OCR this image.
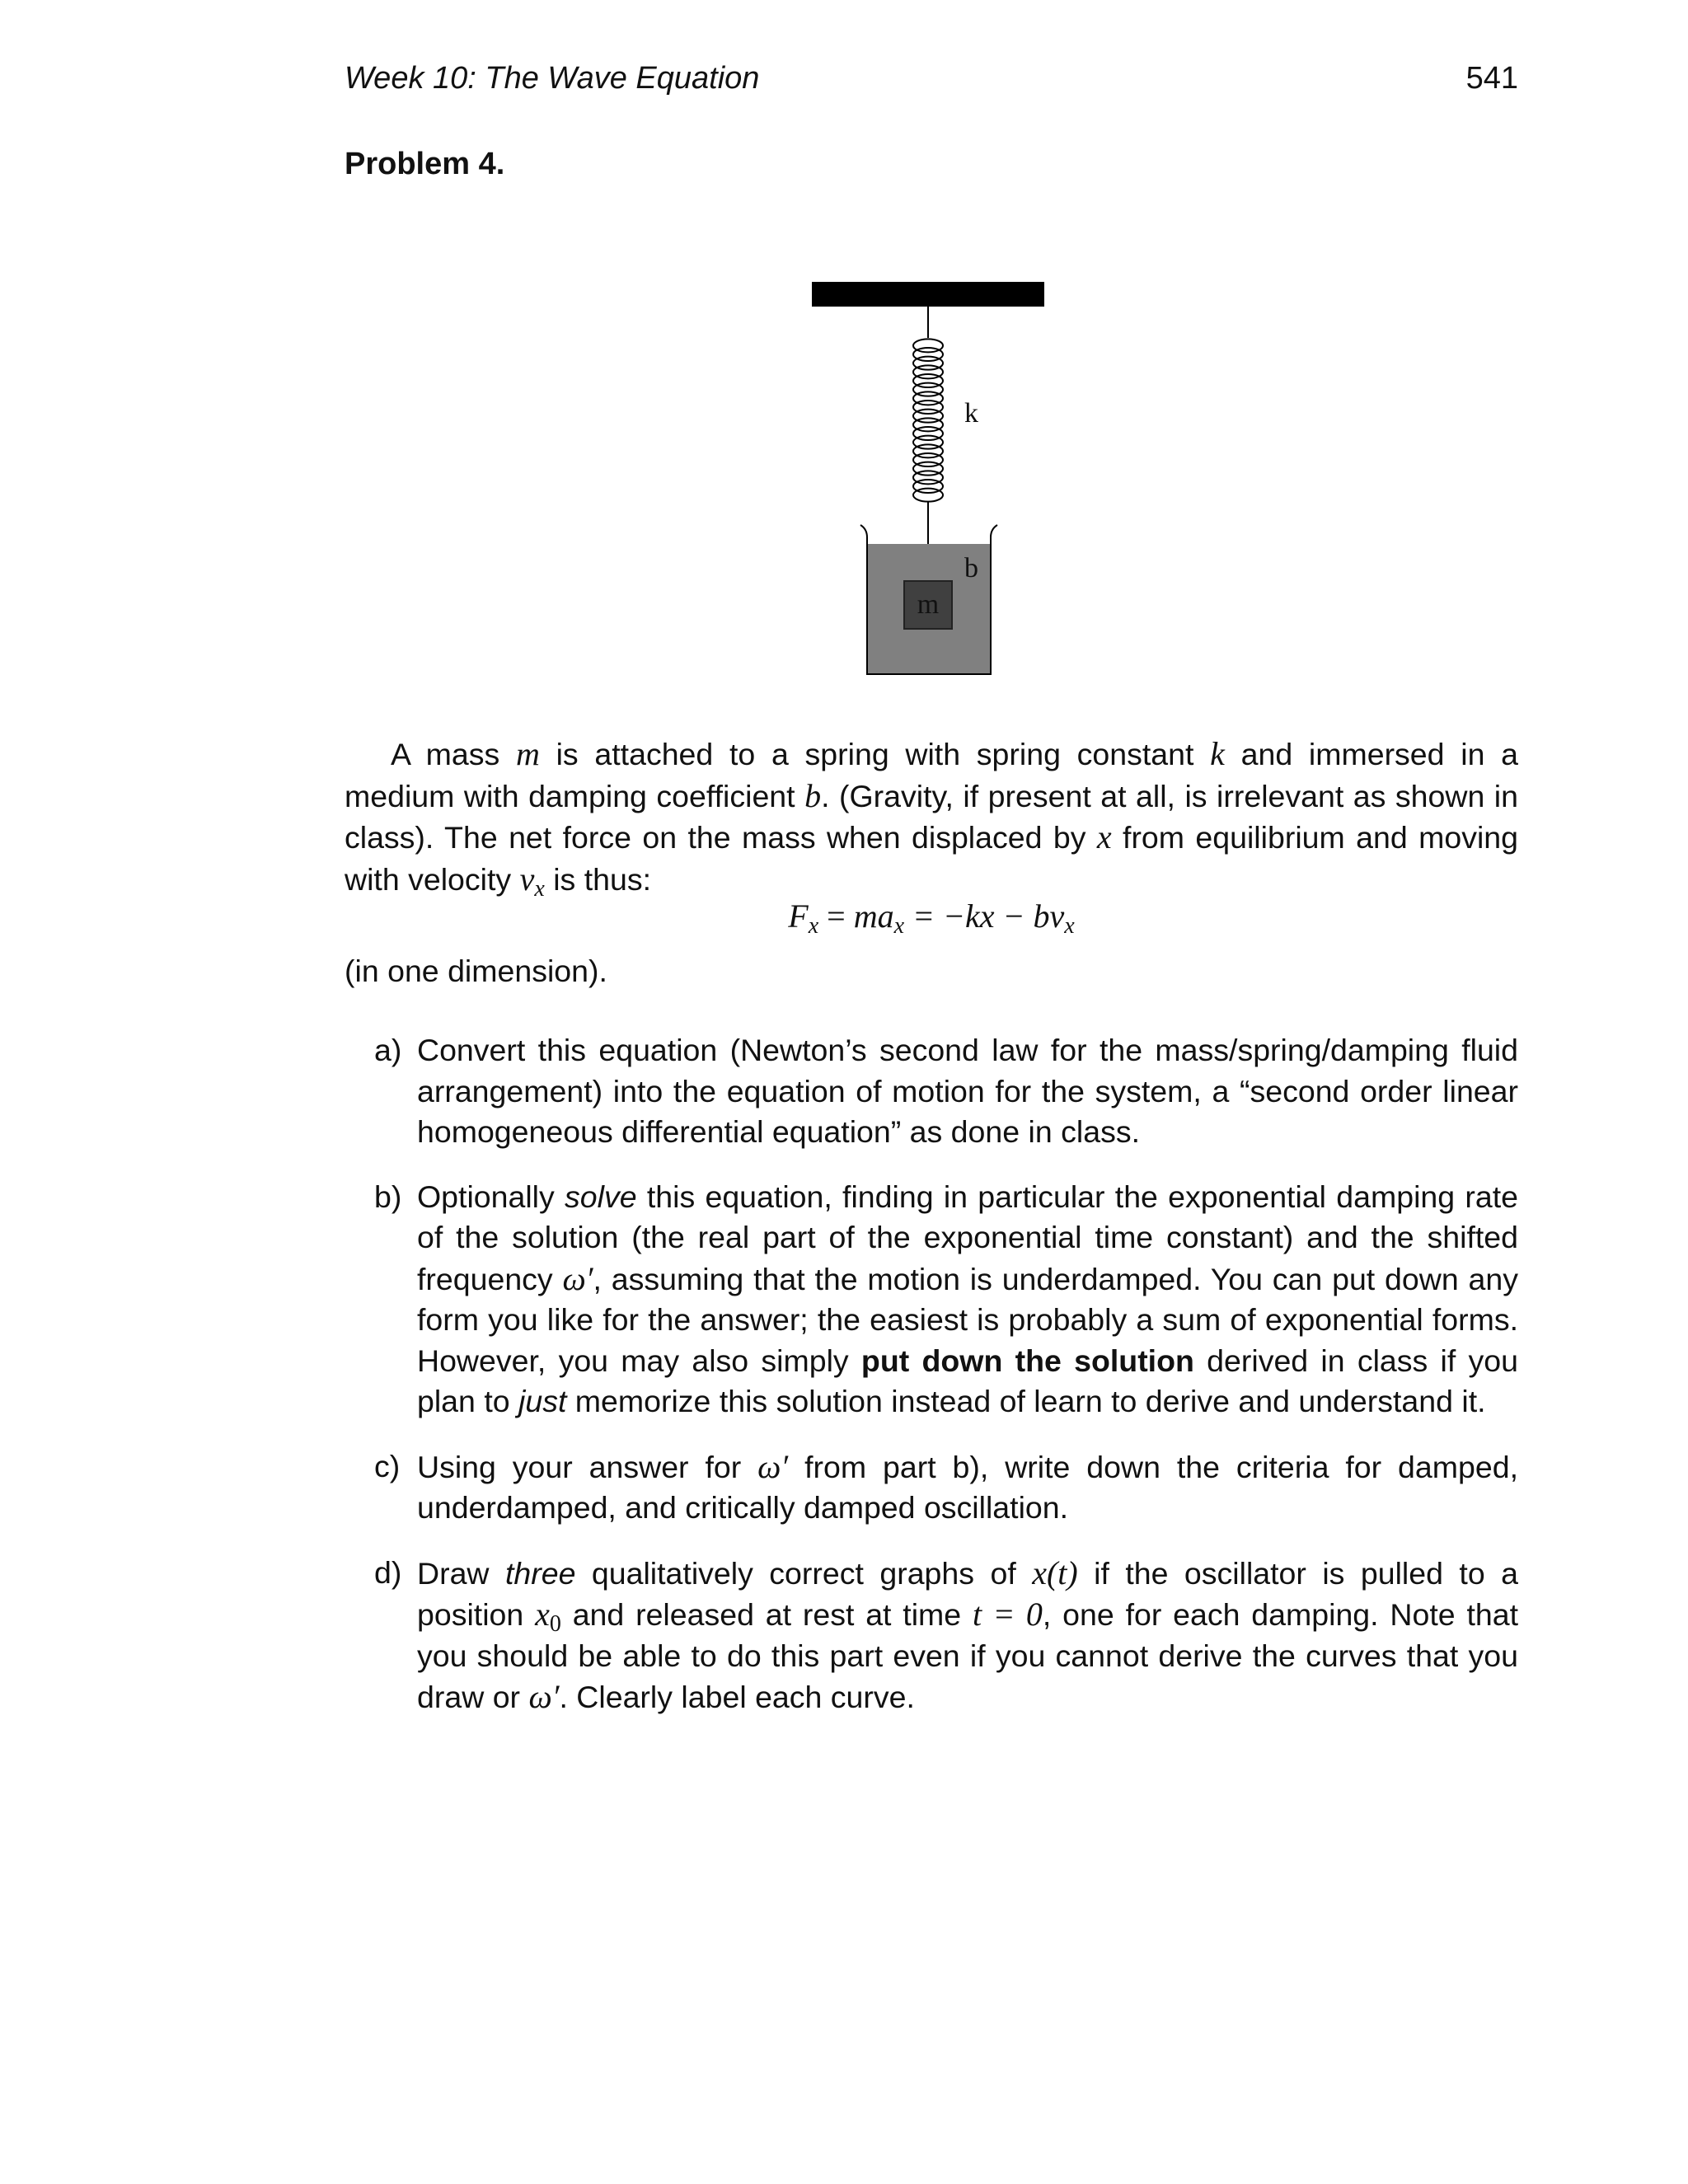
Week 10: The Wave Equation	541
Problem 4.
m
k
b
A mass m is attached to a spring with spring constant k and immersed in a medium with damping coefficient b. (Gravity, if present at all, is irrelevant as shown in class). The net force on the mass when displaced by x from equilibrium and moving with velocity $v_x$ is thus:
$F_x = ma_x = -kx - bv_x$
(in one dimension).
a) Convert this equation (Newton’s second law for the mass/spring/damping fluid arrangement) into the equation of motion for the system, a “second order linear homogeneous differential equation” as done in class.
b) Optionally solve this equation, finding in particular the exponential damping rate of the solution (the real part of the exponential time constant) and the shifted frequency ω′, assuming that the motion is underdamped. You can put down any form you like for the answer; the easiest is probably a sum of exponential forms. However, you may also simply put down the solution derived in class if you plan to just memorize this solution instead of learn to derive and understand it.
c) Using your answer for ω′ from part b), write down the criteria for damped, underdamped, and critically damped oscillation.
d) Draw three qualitatively correct graphs of x(t) if the oscillator is pulled to a position $x_0$ and released at rest at time t = 0, one for each damping. Note that you should be able to do this part even if you cannot derive the curves that you draw or ω′. Clearly label each curve.
